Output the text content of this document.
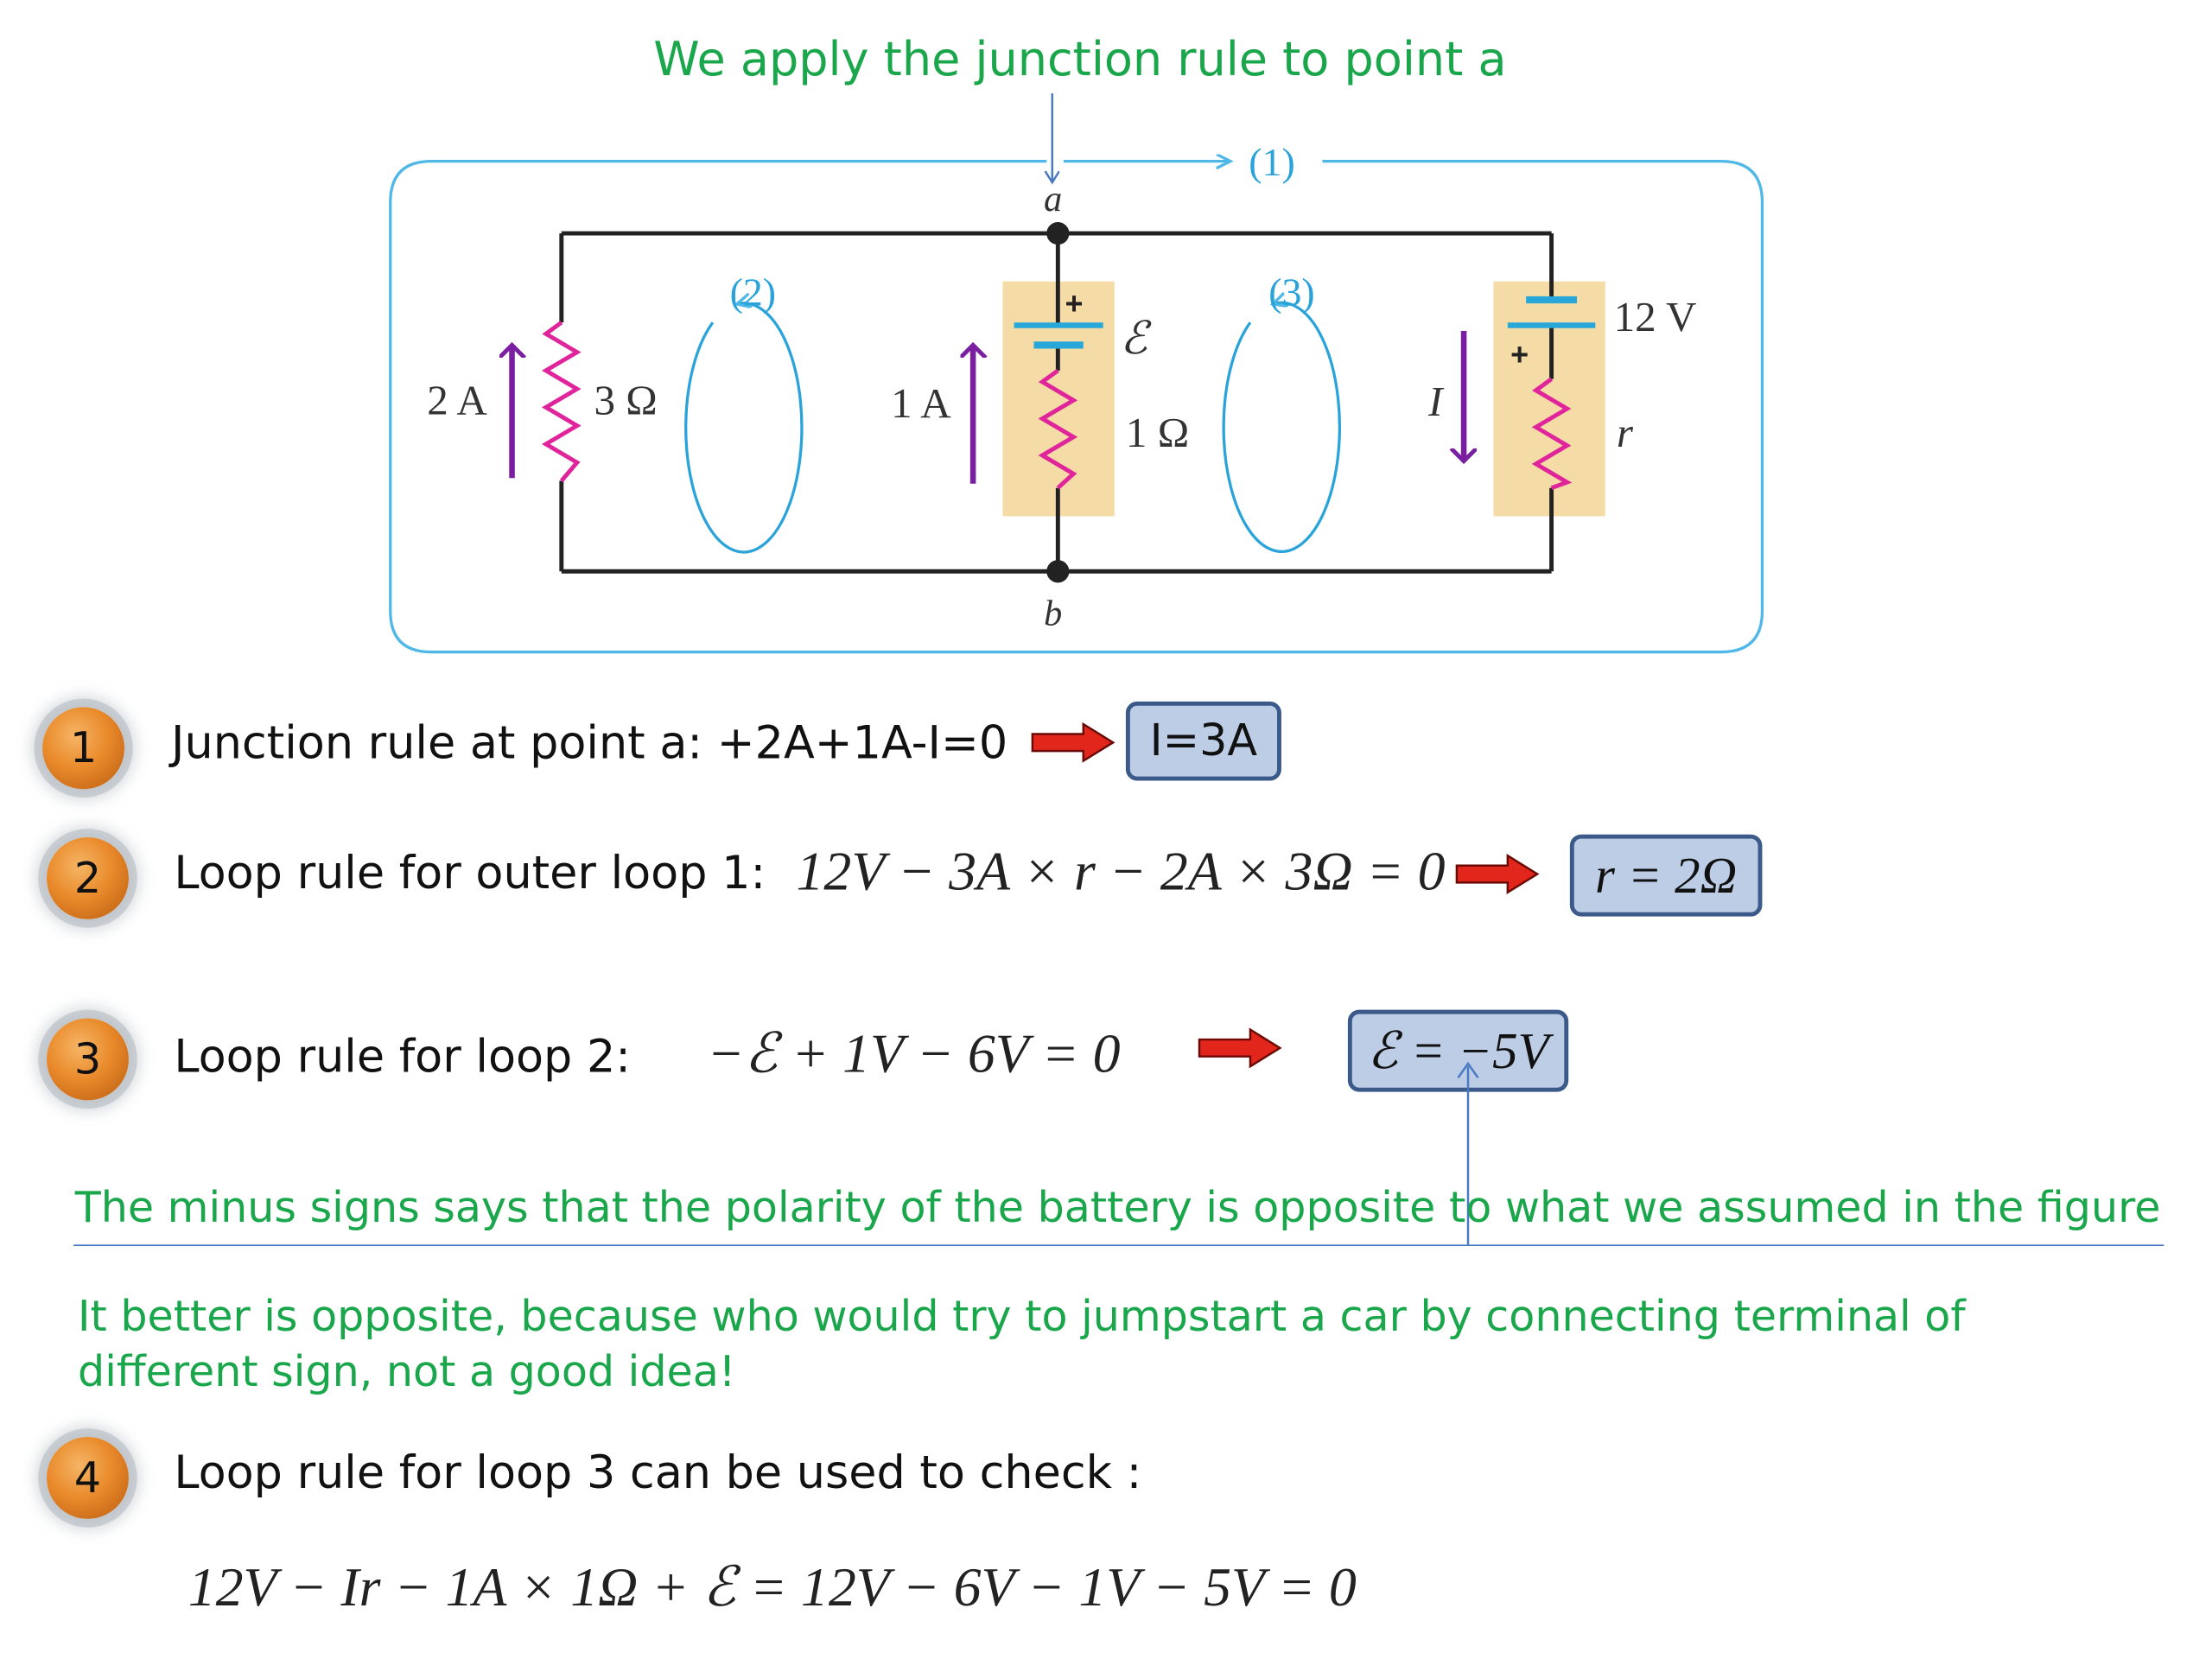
We apply the junction rule to point a
a
b
(1)
(2)	(3)
2 A	3 Ω	1 A
ℰ
1 Ω
12 V
I
r
+
+
1	Junction rule at point a: +2A+1A-I=0	I=3A
2	Loop rule for outer loop 1: 12V − 3A × r − 2A × 3Ω = 0	r = 2Ω
3	Loop rule for loop 2: −ℰ + 1V − 6V = 0	ℰ = −5V
The minus signs says that the polarity of the battery is opposite to what we assumed in the figure
It better is opposite, because who would try to jumpstart a car by connecting terminal of
different sign, not a good idea!
4	Loop rule for loop 3 can be used to check :
12V − Ir − 1A × 1Ω + ℰ = 12V − 6V − 1V − 5V = 0
